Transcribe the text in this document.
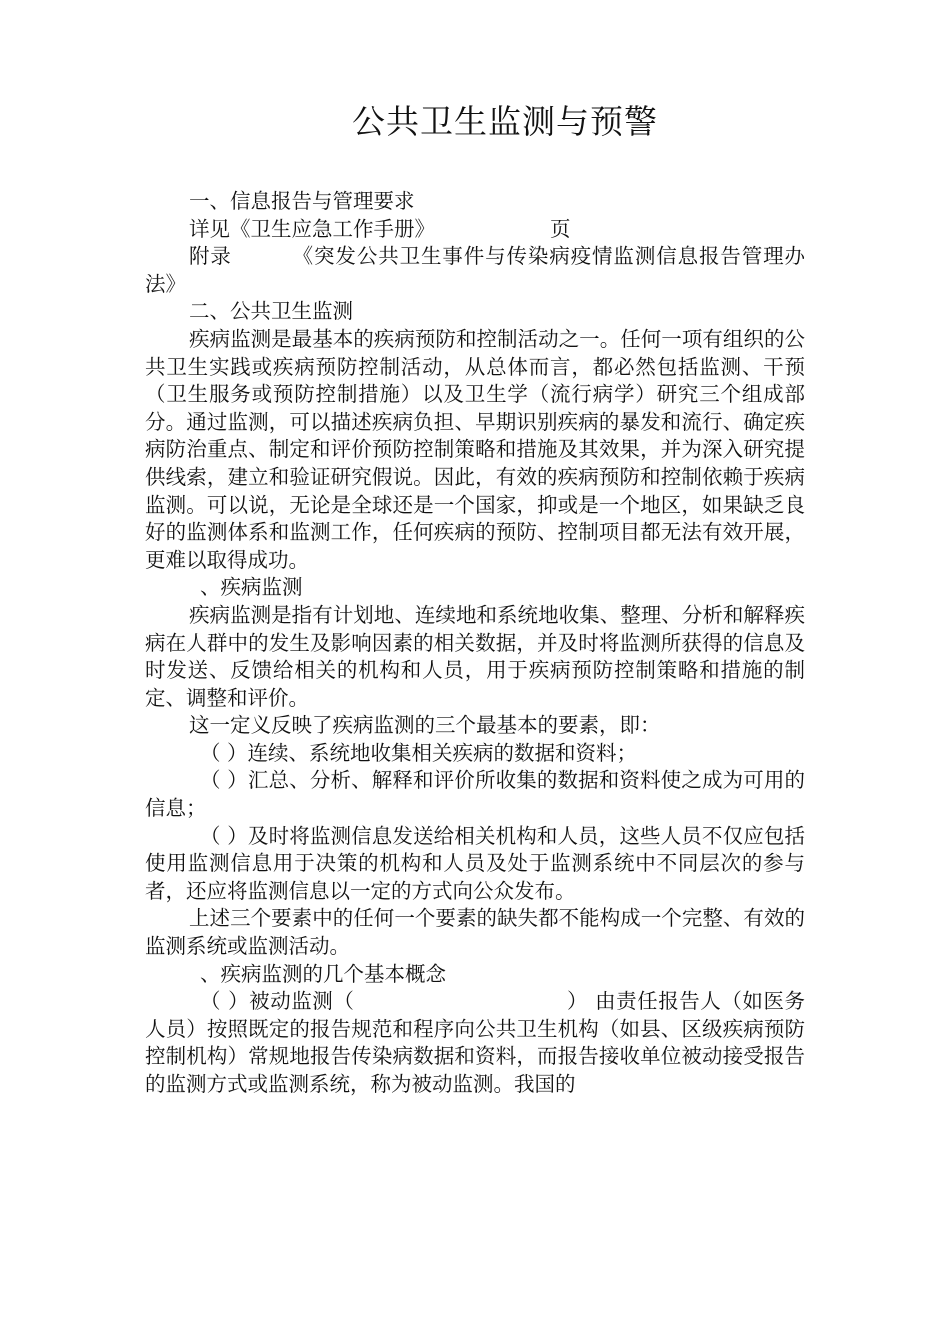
公共卫生监测与预警

一、信息报告与管理要求

详见《卫生应急工作手册》	页
附录	《突发公共卫生事件与传染病疫情监测信息报告管理办法》

二、公共卫生监测

疾病监测是最基本的疾病预防和控制活动之一。任何一项有组织的公共卫生实践或疾病预防控制活动，从总体而言，都必然包括监测、干预（卫生服务或预防控制措施）以及卫生学（流行病学）研究三个组成部分。通过监测，可以描述疾病负担、早期识别疾病的暴发和流行、确定疾病防治重点、制定和评价预防控制策略和措施及其效果，并为深入研究提供线索，建立和验证研究假说。因此，有效的疾病预防和控制依赖于疾病监测。可以说，无论是全球还是一个国家，抑或是一个地区，如果缺乏良好的监测体系和监测工作，任何疾病的预防、控制项目都无法有效开展，更难以取得成功。

、疾病监测

疾病监测是指有计划地、连续地和系统地收集、整理、分析和解释疾病在人群中的发生及影响因素的相关数据，并及时将监测所获得的信息及时发送、反馈给相关的机构和人员，用于疾病预防控制策略和措施的制定、调整和评价。

这一定义反映了疾病监测的三个最基本的要素，即：

（ ）连续、系统地收集相关疾病的数据和资料；

（ ）汇总、分析、解释和评价所收集的数据和资料使之成为可用的信息；

（ ）及时将监测信息发送给相关机构和人员，这些人员不仅应包括使用监测信息用于决策的机构和人员及处于监测系统中不同层次的参与者，还应将监测信息以一定的方式向公众发布。

上述三个要素中的任何一个要素的缺失都不能构成一个完整、有效的监测系统或监测活动。

、疾病监测的几个基本概念

（ ）被动监测（	） 由责任报告人（如医务人员）按照既定的报告规范和程序向公共卫生机构（如县、区级疾病预防控制机构）常规地报告传染病数据和资料，而报告接收单位被动接受报告的监测方式或监测系统，称为被动监测。我国的
